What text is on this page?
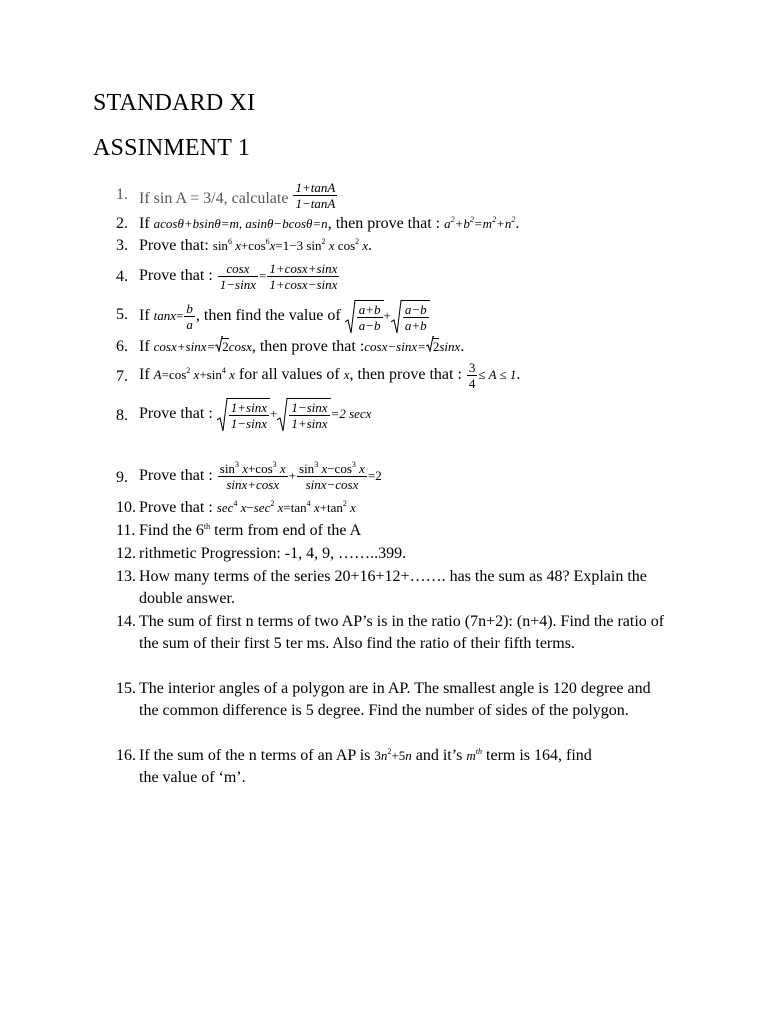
STANDARD XI
ASSINMENT 1
1. If sin A = 3/4, calculate $\frac{1+\tan A}{1-\tan A}$
2. If acosθ+bsinθ=m, asinθ−bcosθ=n, then prove that : $a^2+b^2=m^2+n^2$.
3. Prove that: $\sin^6 x+\cos^6x=1-3$ $\sin^2 x$ $\cos^2 x$.
4. Prove that : $\frac{\cos x}{1-\sin x} = \frac{1+\cos x+\sin x}{1+\cos x-\sin x}$
5. If $\tan x= \frac{b}{a}$ , then find the value of $\frac{a+b}{a-b} + \frac{a-b}{a+b}$
6. If cosx+sinx= 2cosx, then prove that :cosx−sinx= 2sinx.
7. If $A=\cos^2$ $x+\sin^4$ x for all values of x, then prove that : $\frac{3}{4} \le A \le 1$.
8. Prove that : $\frac{1+\sin x}{1-\sin x} + \frac{1-\sin x}{1+\sin x} =2$ secx
9. Prove that : $\frac{\sin^3 x+\cos^3 x}{\sin x+\cos x} + \frac{\sin^3 x-\cos^3 x}{\sin x-\cos x} =2$
10. Prove that : $\sec^4 x-\sec^2$ $x=\tan^4$ $x+\tan^2$ x
11. Find the 6th term from end of the A
12. rithmetic Progression: -1, 4, 9, ……..399.
13. How many terms of the series 20+16+12+……. has the sum as 48? Explain the double answer.
14. The sum of first n terms of two AP’s is in the ratio (7n+2): (n+4). Find the ratio of the sum of their first 5 ter ms. Also find the ratio of their fifth terms.
15. The interior angles of a polygon are in AP. The smallest angle is 120 degree and the common difference is 5 degree. Find the number of sides of the polygon.
16. If the sum of the n terms of an AP is $3n^2+5n$ and it’s $m^{th}$ term is 164, find
the value of ‘m’.
